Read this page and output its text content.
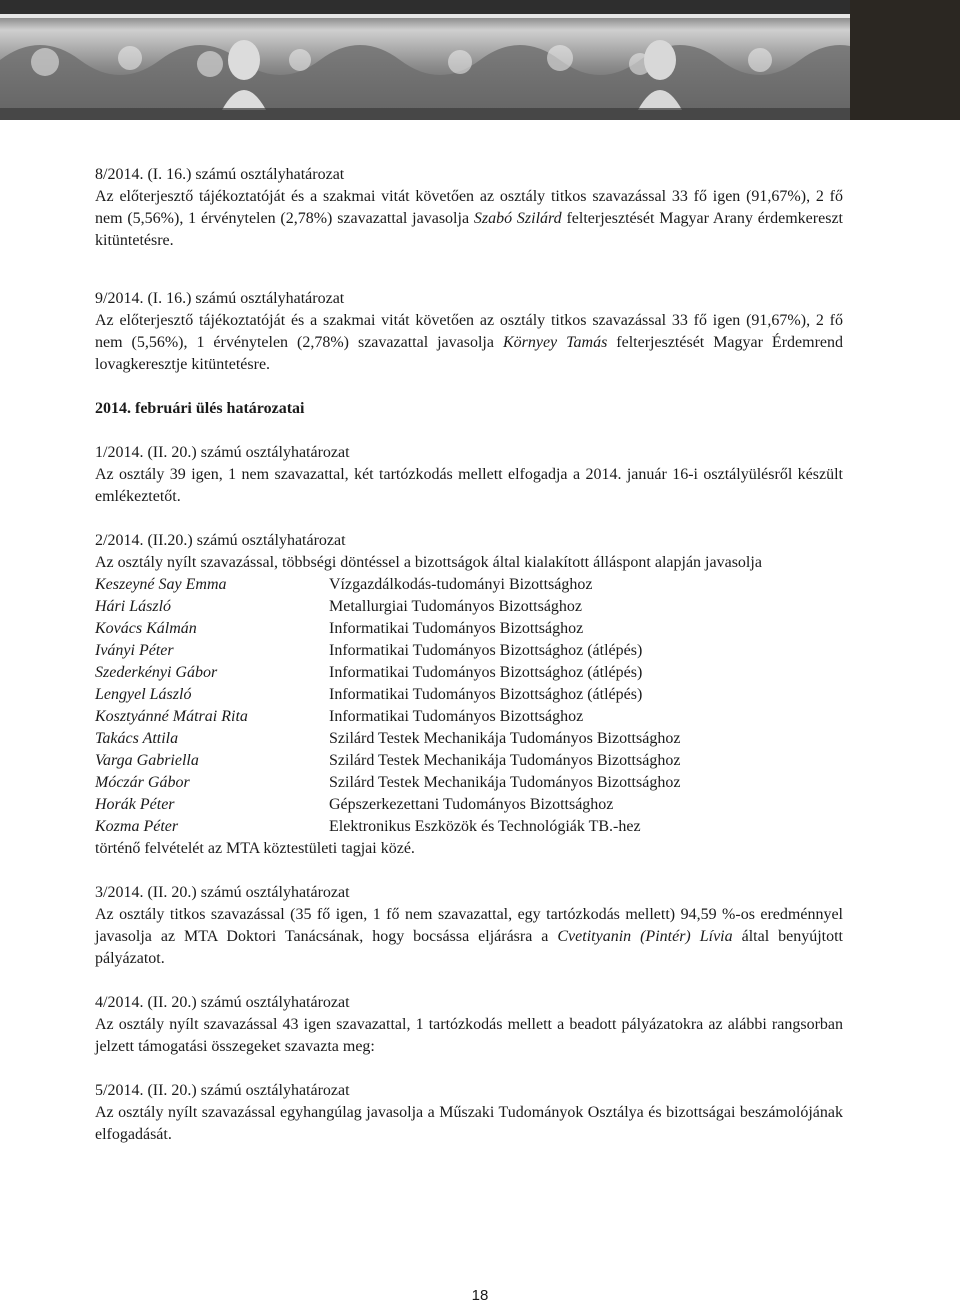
8/2014. (I. 16.) számú osztályhatározat
Az előterjesztő tájékoztatóját és a szakmai vitát követően az osztály titkos szavazással 33 fő igen (91,67%), 2 fő nem (5,56%), 1 érvénytelen (2,78%) szavazattal javasolja Szabó Szilárd felterjesztését Magyar Arany érdemkereszt kitüntetésre.
9/2014. (I. 16.) számú osztályhatározat
Az előterjesztő tájékoztatóját és a szakmai vitát követően az osztály titkos szavazással 33 fő igen (91,67%), 2 fő nem (5,56%), 1 érvénytelen (2,78%) szavazattal javasolja Környey Tamás felterjesztését Magyar Érdemrend lovagkeresztje kitüntetésre.
2014. februári ülés határozatai
1/2014. (II. 20.) számú osztályhatározat
Az osztály 39 igen, 1 nem szavazattal, két tartózkodás mellett elfogadja a 2014. január 16-i osztályülésről készült emlékeztetőt.
2/2014. (II.20.) számú osztályhatározat
Az osztály nyílt szavazással, többségi döntéssel a bizottságok által kialakított álláspont alapján javasolja
Keszeyné Say Emma	Vízgazdálkodás-tudományi Bizottsághoz
Hári László	Metallurgiai Tudományos Bizottsághoz
Kovács Kálmán	Informatikai Tudományos Bizottsághoz
Iványi Péter	Informatikai Tudományos Bizottsághoz (átlépés)
Szederkényi Gábor	Informatikai Tudományos Bizottsághoz (átlépés)
Lengyel László	Informatikai Tudományos Bizottsághoz (átlépés)
Kosztyánné Mátrai Rita	Informatikai Tudományos Bizottsághoz
Takács Attila	Szilárd Testek Mechanikája Tudományos Bizottsághoz
Varga Gabriella	Szilárd Testek Mechanikája Tudományos Bizottsághoz
Móczár Gábor	Szilárd Testek Mechanikája Tudományos Bizottsághoz
Horák Péter	Gépszerkezettani Tudományos Bizottsághoz
Kozma Péter	Elektronikus Eszközök és Technológiák TB.-hez
történő felvételét az MTA köztestületi tagjai közé.
3/2014. (II. 20.) számú osztályhatározat
Az osztály titkos szavazással (35 fő igen, 1 fő nem szavazattal, egy tartózkodás mellett) 94,59 %-os eredménnyel javasolja az MTA Doktori Tanácsának, hogy bocsássa eljárásra a Cvetityanin (Pintér) Lívia által benyújtott pályázatot.
4/2014. (II. 20.) számú osztályhatározat
Az osztály nyílt szavazással 43 igen szavazattal, 1 tartózkodás mellett a beadott pályázatokra az alábbi rangsorban jelzett támogatási összegeket szavazta meg:
5/2014. (II. 20.) számú osztályhatározat
Az osztály nyílt szavazással egyhangúlag javasolja a Műszaki Tudományok Osztálya és bizottságai beszámolójának elfogadását.
18
